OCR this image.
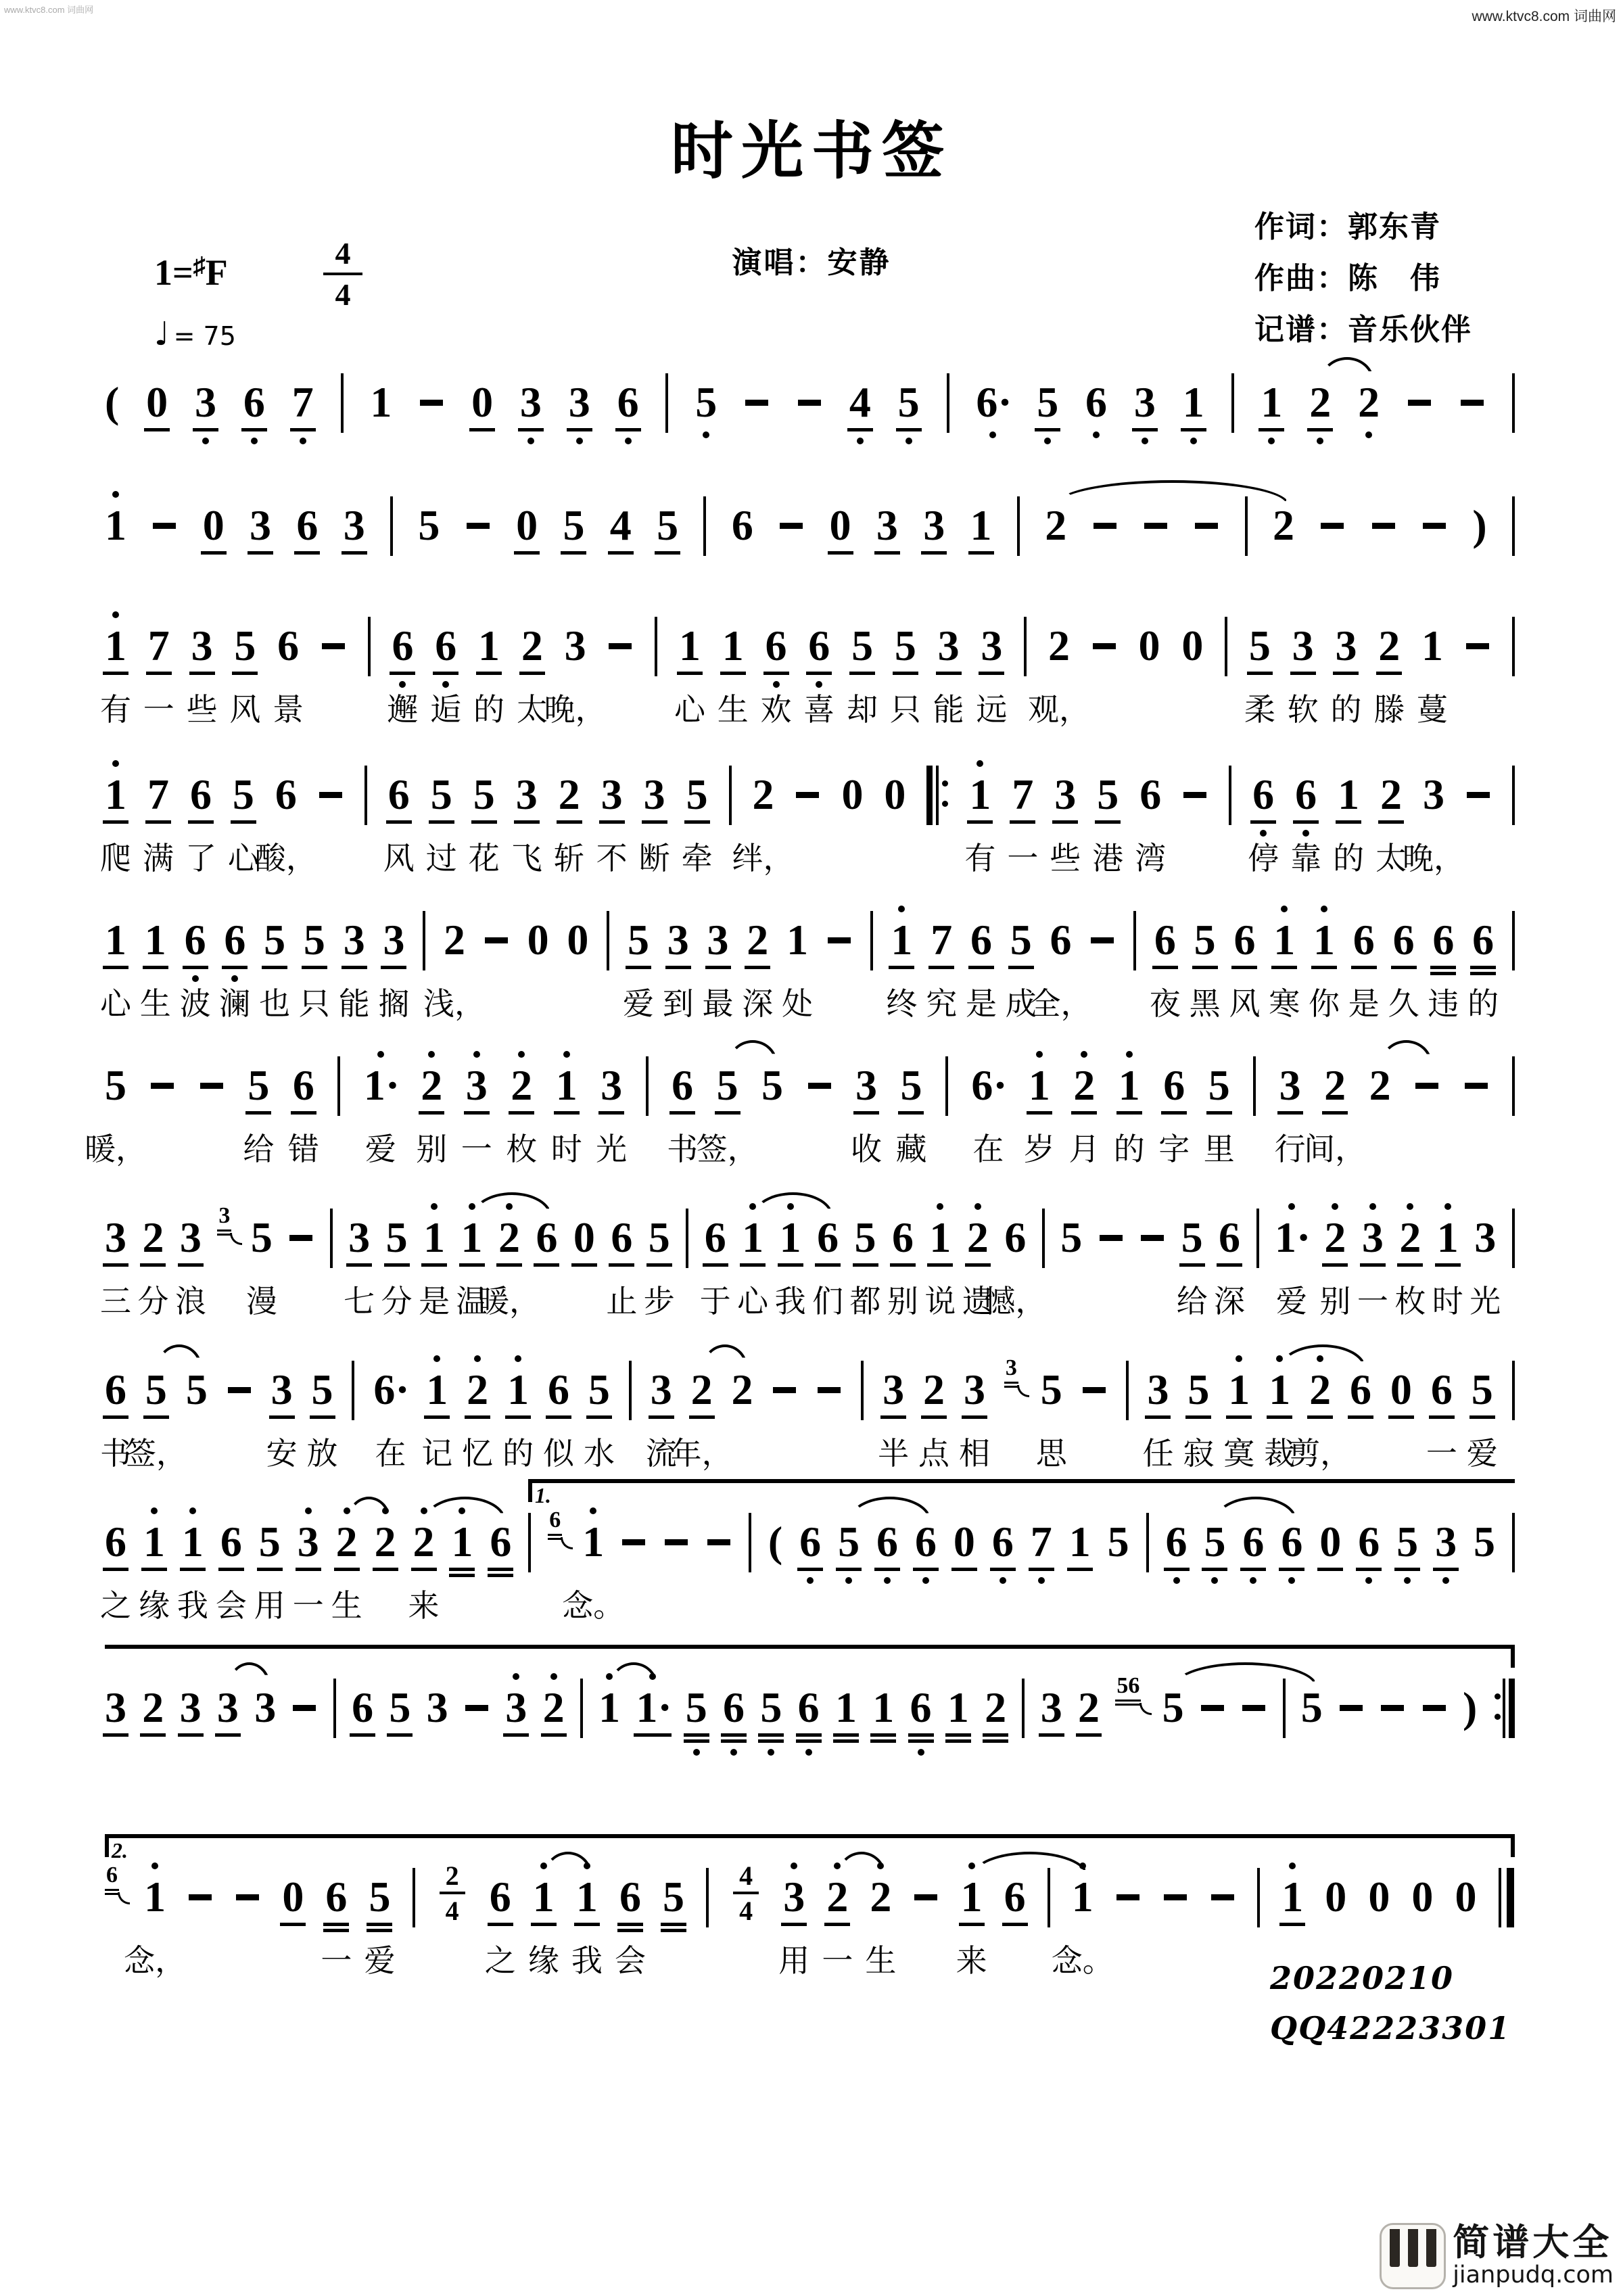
www.ktvc8.com 词曲网	www.ktvc8.com 词曲网
时光书签
演唱：安静
作词：郭东青
作曲：陈　伟
记谱：音乐伙伴
1=♯F	$\frac{4}{4}$
♩ = 75
( 0 3 6 7 1 0 3 3 6 5	4 5 6· 5 6 3 1 1 2 2
1 0 3 6 3 5 0 5 4 5 6 0 3 3 1 2	2	)
1
有
7
一
3
些
5
风
6
景
6
邂
6
逅
1
的
2
太
3
晚，
1
心
1
生
6
欢
6
喜
5
却
5
只
3
能
3
远
2
观，
0 0 5
柔
3
软
3
的
2
滕
1
蔓
1
爬
7
满
6
了
5
心
6
酸，
6
风
5
过
5
花
3
飞
2
斩
3
不
3
断
5
牵
2
绊，
0 0 1
有
7
一
3
些
5
港
6
湾
6
停
6
靠
1
的
2
太
3
晚，
1
心
1
生
6
波
6
澜
5
也
5
只
3
能
3
搁
2
浅，
0 0 5
爱
3
到
3
最
2
深
1
处
1
终
7
究
6
是
5
成
6
全，
6
夜
5
黑
6
风
1
寒
1
你
6
是
6
久
6
违
6
的
5
暖，
5
给
6
错
1·
爱
2
别
3
一
2
枚
1
时
3
光
6
书
5
签，
5 3
收
5
藏
6·
在
1
岁
2
月
1
的
6
字
5
里
3
行
2
间，
2
3
三
2
分
3
浪
3 5
漫
3
七
5
分
1
是
1
温
2
暖，
6 0 6
止
5
步
6
于
1
心
1
我
6
们
5
都
6
别
1
说
2
遗
6
憾，
5 5
给
6
深
1·
爱
2
别
3
一
2
枚
1
时
3
光
6
书
5
签，
5 3
安
5
放
6·
在
1
记
2
忆
1
的
6
似
5
水
3
流
2
年，
2	3
半
2
点
3
相
3 5
思
3
任
5
寂
1
寞
1
裁
2
剪，
6 0 6
一
5
爱
6
之
1
缘
1
我
6
会
5
用
3
一
2
生
2 2
来
1 6 6 1
念。
( 6 5 6 6 0 6 7 1 5 6 5 6 6 0 6 5 3 5
1.
3 2 3 3 3 6 5 3 3 2 1 1· 5 6 5 6 1 1 6 1 2 3 2 56 5	5	)
6 1
念，
0 6
一
5
爱
2
4 6
之
1
缘
1
我
6
会
5	4
4 3
用
2
一
2
生
1
来
6 1
念。
1 0 0 0 0
2.
20220210
QQ42223301
简谱大全
jianpudq.com
